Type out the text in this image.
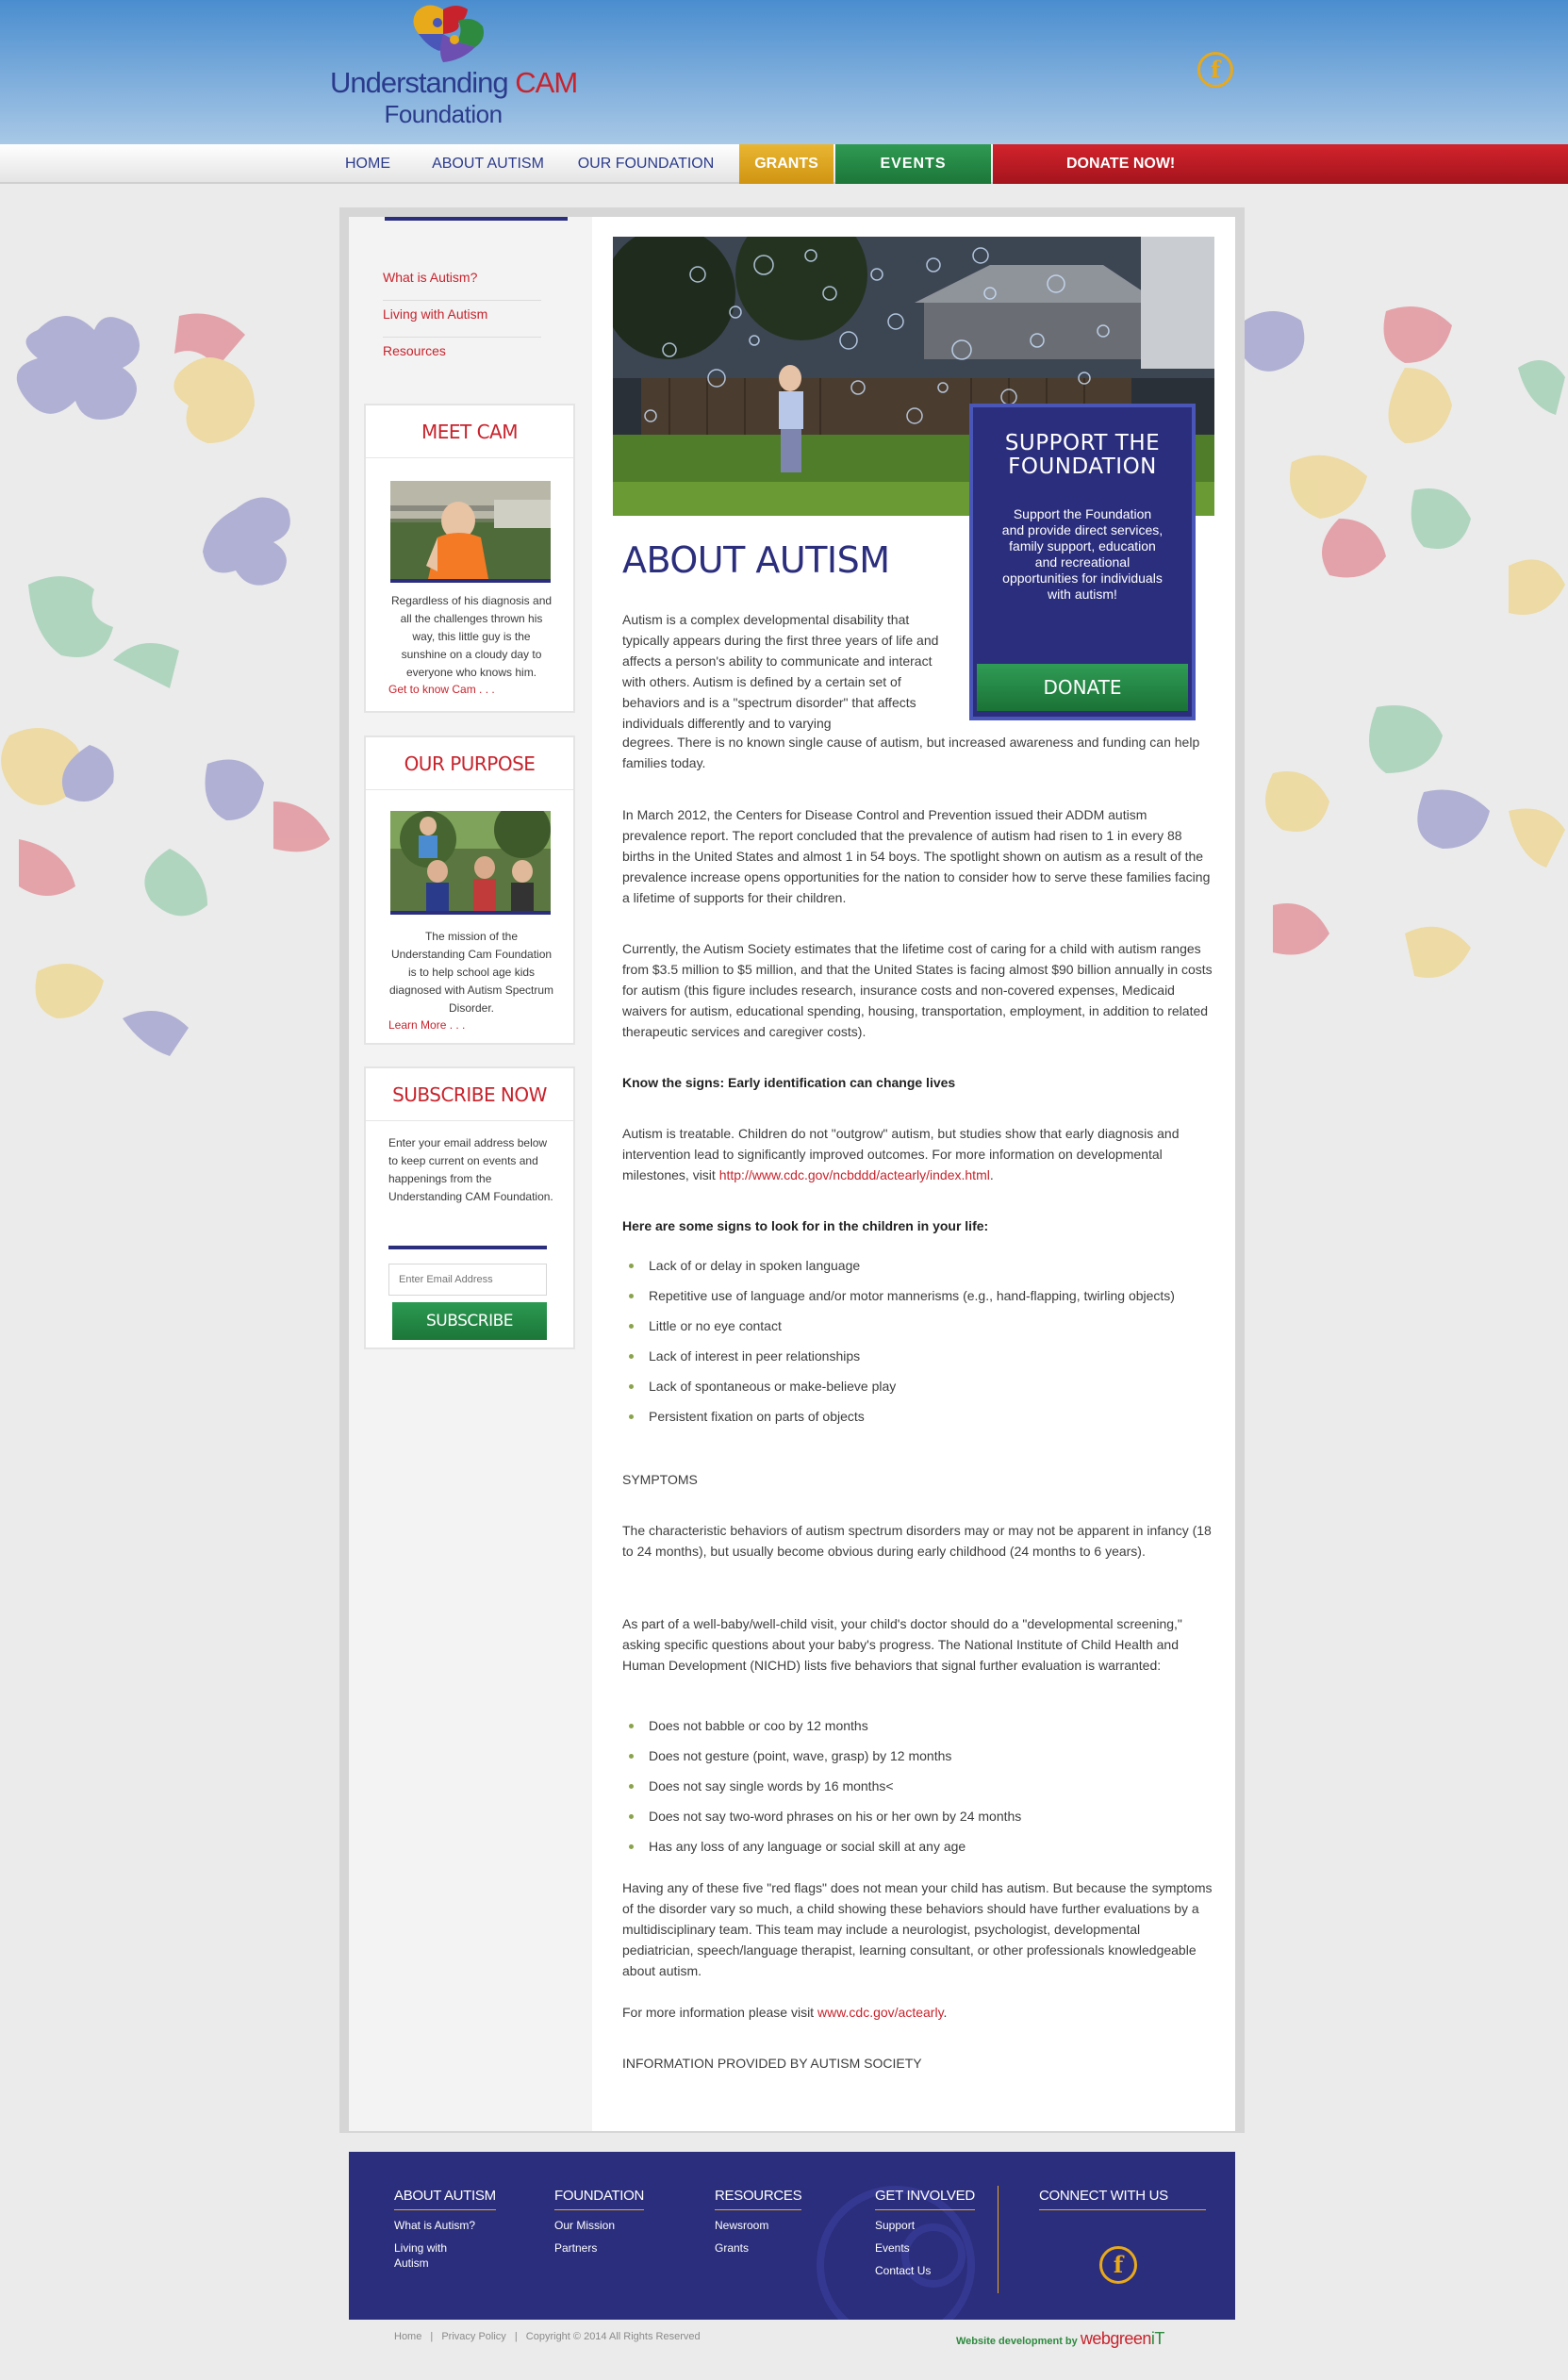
Understanding CAM
Foundation
f
HOME	ABOUT AUTISM OUR FOUNDATION	GRANTS	EVENTS	DONATE NOW!
What is Autism?
Living with Autism
Resources
MEET CAM
Regardless of his diagnosis and all the challenges thrown his way, this little guy is the sunshine on a cloudy day to everyone who knows him.
Get to know Cam . . .
OUR PURPOSE
The mission of the Understanding Cam Foundation is to help school age kids diagnosed with Autism Spectrum Disorder.
Learn More . . .
SUBSCRIBE NOW
Enter your email address below to keep current on events and happenings from the Understanding CAM Foundation.
Enter Email Address
SUBSCRIBE
SUPPORT THE FOUNDATION
Support the Foundation and provide direct services, family support, education and recreational opportunities for individuals with autism!
DONATE
ABOUT AUTISM
Autism is a complex developmental disability that typically appears during the first three years of life and affects a person's ability to communicate and interact with others. Autism is defined by a certain set of behaviors and is a "spectrum disorder" that affects individuals differently and to varying
degrees. There is no known single cause of autism, but increased awareness and funding can help families today.
In March 2012, the Centers for Disease Control and Prevention issued their ADDM autism prevalence report. The report concluded that the prevalence of autism had risen to 1 in every 88 births in the United States and almost 1 in 54 boys. The spotlight shown on autism as a result of the prevalence increase opens opportunities for the nation to consider how to serve these families facing a lifetime of supports for their children.
Currently, the Autism Society estimates that the lifetime cost of caring for a child with autism ranges from $3.5 million to $5 million, and that the United States is facing almost $90 billion annually in costs for autism (this figure includes research, insurance costs and non-covered expenses, Medicaid waivers for autism, educational spending, housing, transportation, employment, in addition to related therapeutic services and caregiver costs).
Know the signs: Early identification can change lives
Autism is treatable. Children do not "outgrow" autism, but studies show that early diagnosis and intervention lead to significantly improved outcomes. For more information on developmental milestones, visit http://www.cdc.gov/ncbddd/actearly/index.html.
Here are some signs to look for in the children in your life:
Lack of or delay in spoken language
Repetitive use of language and/or motor mannerisms (e.g., hand-flapping, twirling objects)
Little or no eye contact
Lack of interest in peer relationships
Lack of spontaneous or make-believe play
Persistent fixation on parts of objects
SYMPTOMS
The characteristic behaviors of autism spectrum disorders may or may not be apparent in infancy (18 to 24 months), but usually become obvious during early childhood (24 months to 6 years).
As part of a well-baby/well-child visit, your child's doctor should do a "developmental screening," asking specific questions about your baby's progress. The National Institute of Child Health and Human Development (NICHD) lists five behaviors that signal further evaluation is warranted:
Does not babble or coo by 12 months
Does not gesture (point, wave, grasp) by 12 months
Does not say single words by 16 months<
Does not say two-word phrases on his or her own by 24 months
Has any loss of any language or social skill at any age
Having any of these five "red flags" does not mean your child has autism. But because the symptoms of the disorder vary so much, a child showing these behaviors should have further evaluations by a multidisciplinary team. This team may include a neurologist, psychologist, developmental pediatrician, speech/language therapist, learning consultant, or other professionals knowledgeable about autism.
For more information please visit www.cdc.gov/actearly.
INFORMATION PROVIDED BY AUTISM SOCIETY
ABOUT AUTISM
What is Autism?
Living with Autism
FOUNDATION
Our Mission
Partners
RESOURCES
Newsroom
Grants
GET INVOLVED
Support
Events
Contact Us
CONNECT WITH US
f
Home | Privacy Policy | Copyright © 2014 All Rights Reserved	Website development by webgreeniT
